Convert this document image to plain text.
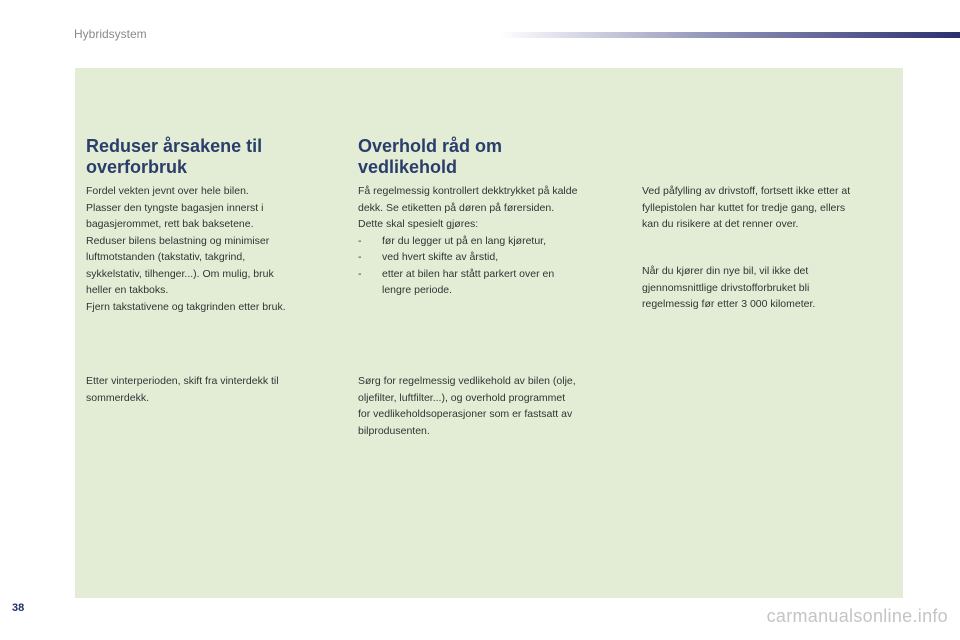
Hybridsystem
Reduser årsakene til
overforbruk
Fordel vekten jevnt over hele bilen.
Plasser den tyngste bagasjen innerst i
bagasjerommet, rett bak baksetene.
Reduser bilens belastning og minimiser
luftmotstanden (takstativ, takgrind,
sykkelstativ, tilhenger...). Om mulig, bruk
heller en takboks.
Fjern takstativene og takgrinden etter bruk.
Etter vinterperioden, skift fra vinterdekk til
sommerdekk.
Overhold råd om
vedlikehold
Få regelmessig kontrollert dekktrykket på kalde
dekk. Se etiketten på døren på førersiden.
Dette skal spesielt gjøres:
- før du legger ut på en lang kjøretur,
- ved hvert skifte av årstid,
- etter at bilen har stått parkert over en
lengre periode.
Sørg for regelmessig vedlikehold av bilen (olje,
oljefilter, luftfilter...), og overhold programmet
for vedlikeholdsoperasjoner som er fastsatt av
bilprodusenten.
Ved påfylling av drivstoff, fortsett ikke etter at
fyllepistolen har kuttet for tredje gang, ellers
kan du risikere at det renner over.
Når du kjører din nye bil, vil ikke det
gjennomsnittlige drivstofforbruket bli
regelmessig før etter 3 000 kilometer.
38	carmanualsonline.info
